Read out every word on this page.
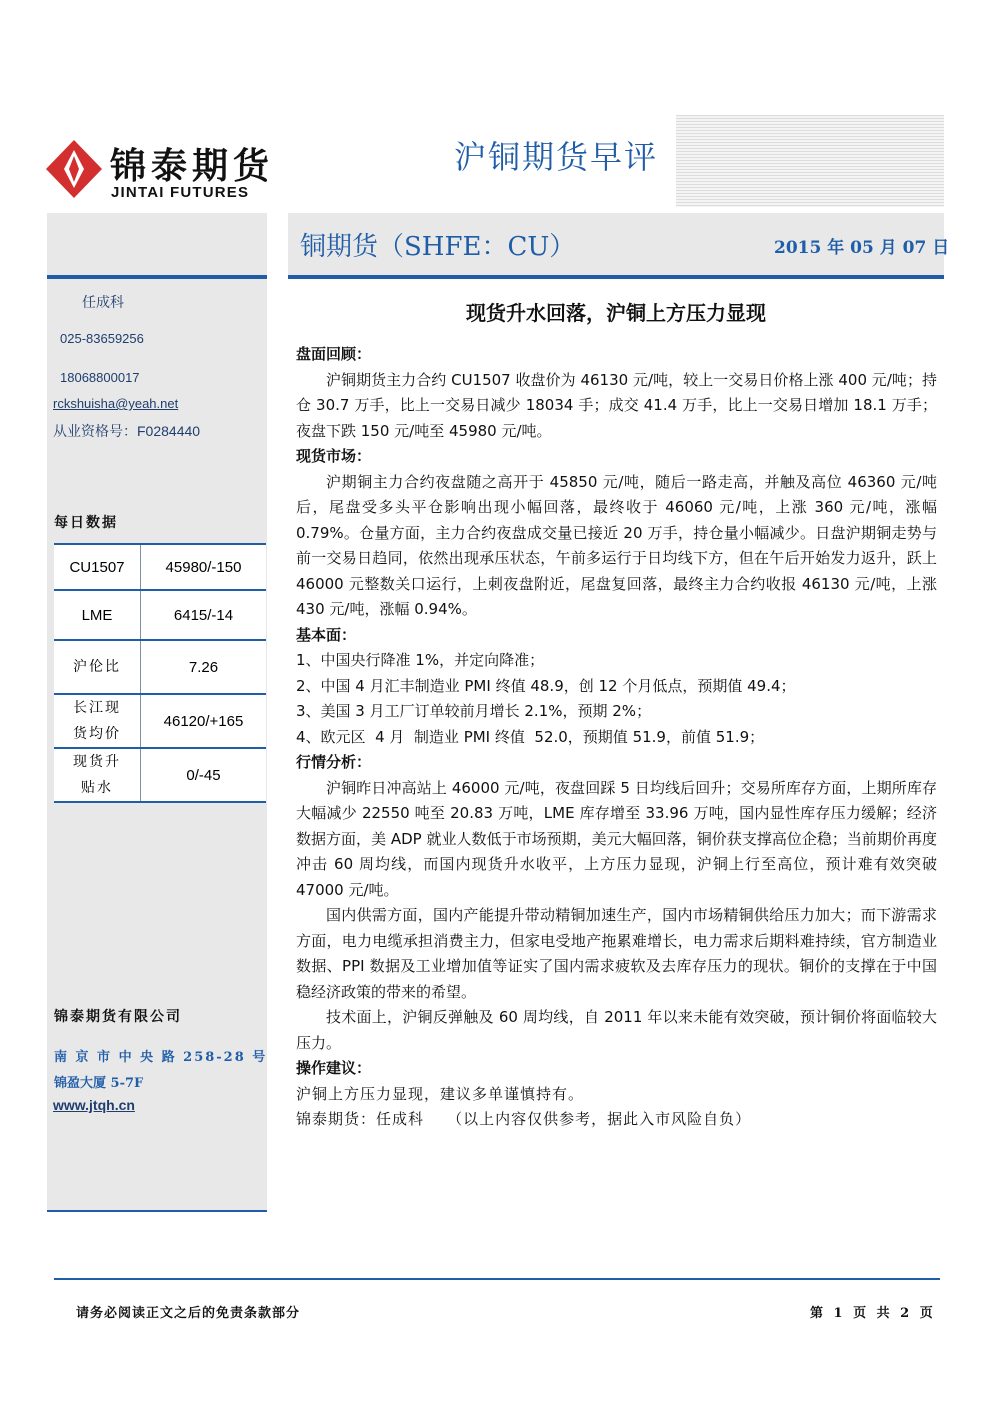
锦泰期货
JINTAI FUTURES
沪铜期货早评
任成科
025-83659256
18068800017
rckshuisha@yeah.net
从业资格号：F0284440
每日数据
CU1507	45980/-150
LME	6415/-14
沪伦比	7.26

长江现货均价	46120/+165

现货升贴水	0/-45
锦泰期货有限公司
南 京 市 中 央 路 258-28 号
锦盈大厦 5-7F
www.jtqh.cn
铜期货（SHFE：CU）	2015 年 05 月 07 日
现货升水回落，沪铜上方压力显现
盘面回顾：

沪铜期货主力合约 CU1507 收盘价为 46130 元/吨，较上一交易日价格上涨 400 元/吨；持仓 30.7 万手，比上一交易日减少 18034 手；成交 41.4 万手，比上一交易日增加 18.1 万手；夜盘下跌 150 元/吨至 45980 元/吨。

现货市场：

沪期铜主力合约夜盘随之高开于 45850 元/吨，随后一路走高，并触及高位 46360 元/吨后，尾盘受多头平仓影响出现小幅回落，最终收于 46060 元/吨，上涨 360 元/吨，涨幅 0.79%。仓量方面，主力合约夜盘成交量已接近 20 万手，持仓量小幅减少。日盘沪期铜走势与前一交易日趋同，依然出现承压状态，午前多运行于日均线下方，但在午后开始发力返升，跃上 46000 元整数关口运行，上刺夜盘附近，尾盘复回落，最终主力合约收报 46130 元/吨，上涨 430 元/吨，涨幅 0.94%。

基本面：

1、中国央行降准 1%，并定向降准；

2、中国 4 月汇丰制造业 PMI 终值 48.9，创 12 个月低点，预期值 49.4；

3、美国 3 月工厂订单较前月增长 2.1%，预期 2%；

4、欧元区  4 月  制造业 PMI 终值  52.0，预期值 51.9，前值 51.9；

行情分析：

沪铜昨日冲高站上 46000 元/吨，夜盘回踩 5 日均线后回升；交易所库存方面，上期所库存大幅减少 22550 吨至 20.83 万吨，LME 库存增至 33.96 万吨，国内显性库存压力缓解；经济数据方面，美 ADP 就业人数低于市场预期，美元大幅回落，铜价获支撑高位企稳；当前期价再度冲击 60 周均线，而国内现货升水收平，上方压力显现，沪铜上行至高位，预计难有效突破 47000 元/吨。

国内供需方面，国内产能提升带动精铜加速生产，国内市场精铜供给压力加大；而下游需求方面，电力电缆承担消费主力，但家电受地产拖累难增长，电力需求后期料难持续，官方制造业数据、PPI 数据及工业增加值等证实了国内需求疲软及去库存压力的现状。铜价的支撑在于中国稳经济政策的带来的希望。

技术面上，沪铜反弹触及 60 周均线，自 2011 年以来未能有效突破，预计铜价将面临较大压力。

操作建议：

沪铜上方压力显现，建议多单谨慎持有。

锦泰期货：任成科    （以上内容仅供参考，据此入市风险自负）

请务必阅读正文之后的免责条款部分	第 1 页 共 2 页
